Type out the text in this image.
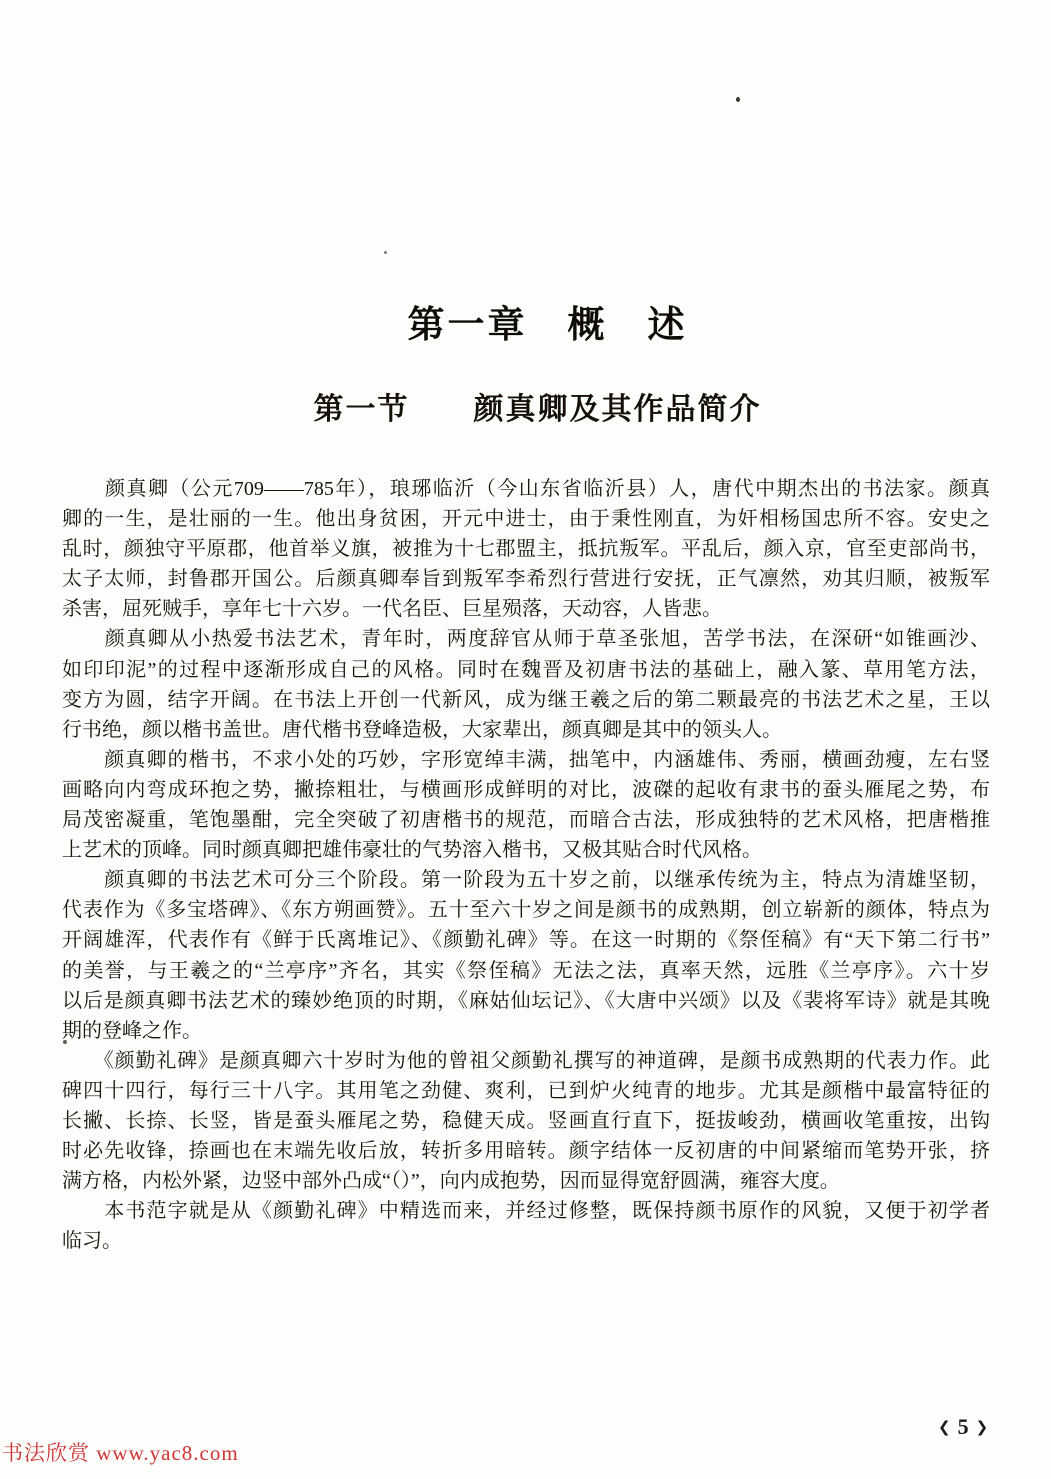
第一章　概　述
第一节　　颜真卿及其作品简介
　　颜真卿（公元709——785年），琅琊临沂（今山东省临沂县）人，唐代中期杰出的书法家。颜真
卿的一生，是壮丽的一生。他出身贫困，开元中进士，由于秉性刚直，为奸相杨国忠所不容。安史之
乱时，颜独守平原郡，他首举义旗，被推为十七郡盟主，抵抗叛军。平乱后，颜入京，官至吏部尚书，
太子太师，封鲁郡开国公。后颜真卿奉旨到叛军李希烈行营进行安抚，正气凛然，劝其归顺，被叛军
杀害，屈死贼手，享年七十六岁。一代名臣、巨星殒落，天动容，人皆悲。
　　颜真卿从小热爱书法艺术，青年时，两度辞官从师于草圣张旭，苦学书法，在深研“如锥画沙、
如印印泥”的过程中逐渐形成自己的风格。同时在魏晋及初唐书法的基础上，融入篆、草用笔方法，
变方为圆，结字开阔。在书法上开创一代新风，成为继王羲之后的第二颗最亮的书法艺术之星，王以
行书绝，颜以楷书盖世。唐代楷书登峰造极，大家辈出，颜真卿是其中的领头人。
　　颜真卿的楷书，不求小处的巧妙，字形宽绰丰满，拙笔中，内涵雄伟、秀丽，横画劲瘦，左右竖
画略向内弯成环抱之势，撇捺粗壮，与横画形成鲜明的对比，波磔的起收有隶书的蚕头雁尾之势，布
局茂密凝重，笔饱墨酣，完全突破了初唐楷书的规范，而暗合古法，形成独特的艺术风格，把唐楷推
上艺术的顶峰。同时颜真卿把雄伟豪壮的气势溶入楷书，又极其贴合时代风格。
　　颜真卿的书法艺术可分三个阶段。第一阶段为五十岁之前，以继承传统为主，特点为清雄坚韧，
代表作为《多宝塔碑》、《东方朔画赞》。五十至六十岁之间是颜书的成熟期，创立崭新的颜体，特点为
开阔雄浑，代表作有《鲜于氏离堆记》、《颜勤礼碑》等。在这一时期的《祭侄稿》有“天下第二行书”
的美誉，与王羲之的“兰亭序”齐名，其实《祭侄稿》无法之法，真率天然，远胜《兰亭序》。六十岁
以后是颜真卿书法艺术的臻妙绝顶的时期，《麻姑仙坛记》、《大唐中兴颂》以及《裴将军诗》就是其晚
期的登峰之作。
　　《颜勤礼碑》是颜真卿六十岁时为他的曾祖父颜勤礼撰写的神道碑，是颜书成熟期的代表力作。此
碑四十四行，每行三十八字。其用笔之劲健、爽利，已到炉火纯青的地步。尤其是颜楷中最富特征的
长撇、长捺、长竖，皆是蚕头雁尾之势，稳健天成。竖画直行直下，挺拔峻劲，横画收笔重按，出钩
时必先收锋，捺画也在末端先收后放，转折多用暗转。颜字结体一反初唐的中间紧缩而笔势开张，挤
满方格，内松外紧，边竖中部外凸成“（）”，向内成抱势，因而显得宽舒圆满，雍容大度。
　　本书范字就是从《颜勤礼碑》中精选而来，并经过修整，既保持颜书原作的风貌，又便于初学者
临习。
书法欣赏 www.yac8.com
❮ 5 ❯
